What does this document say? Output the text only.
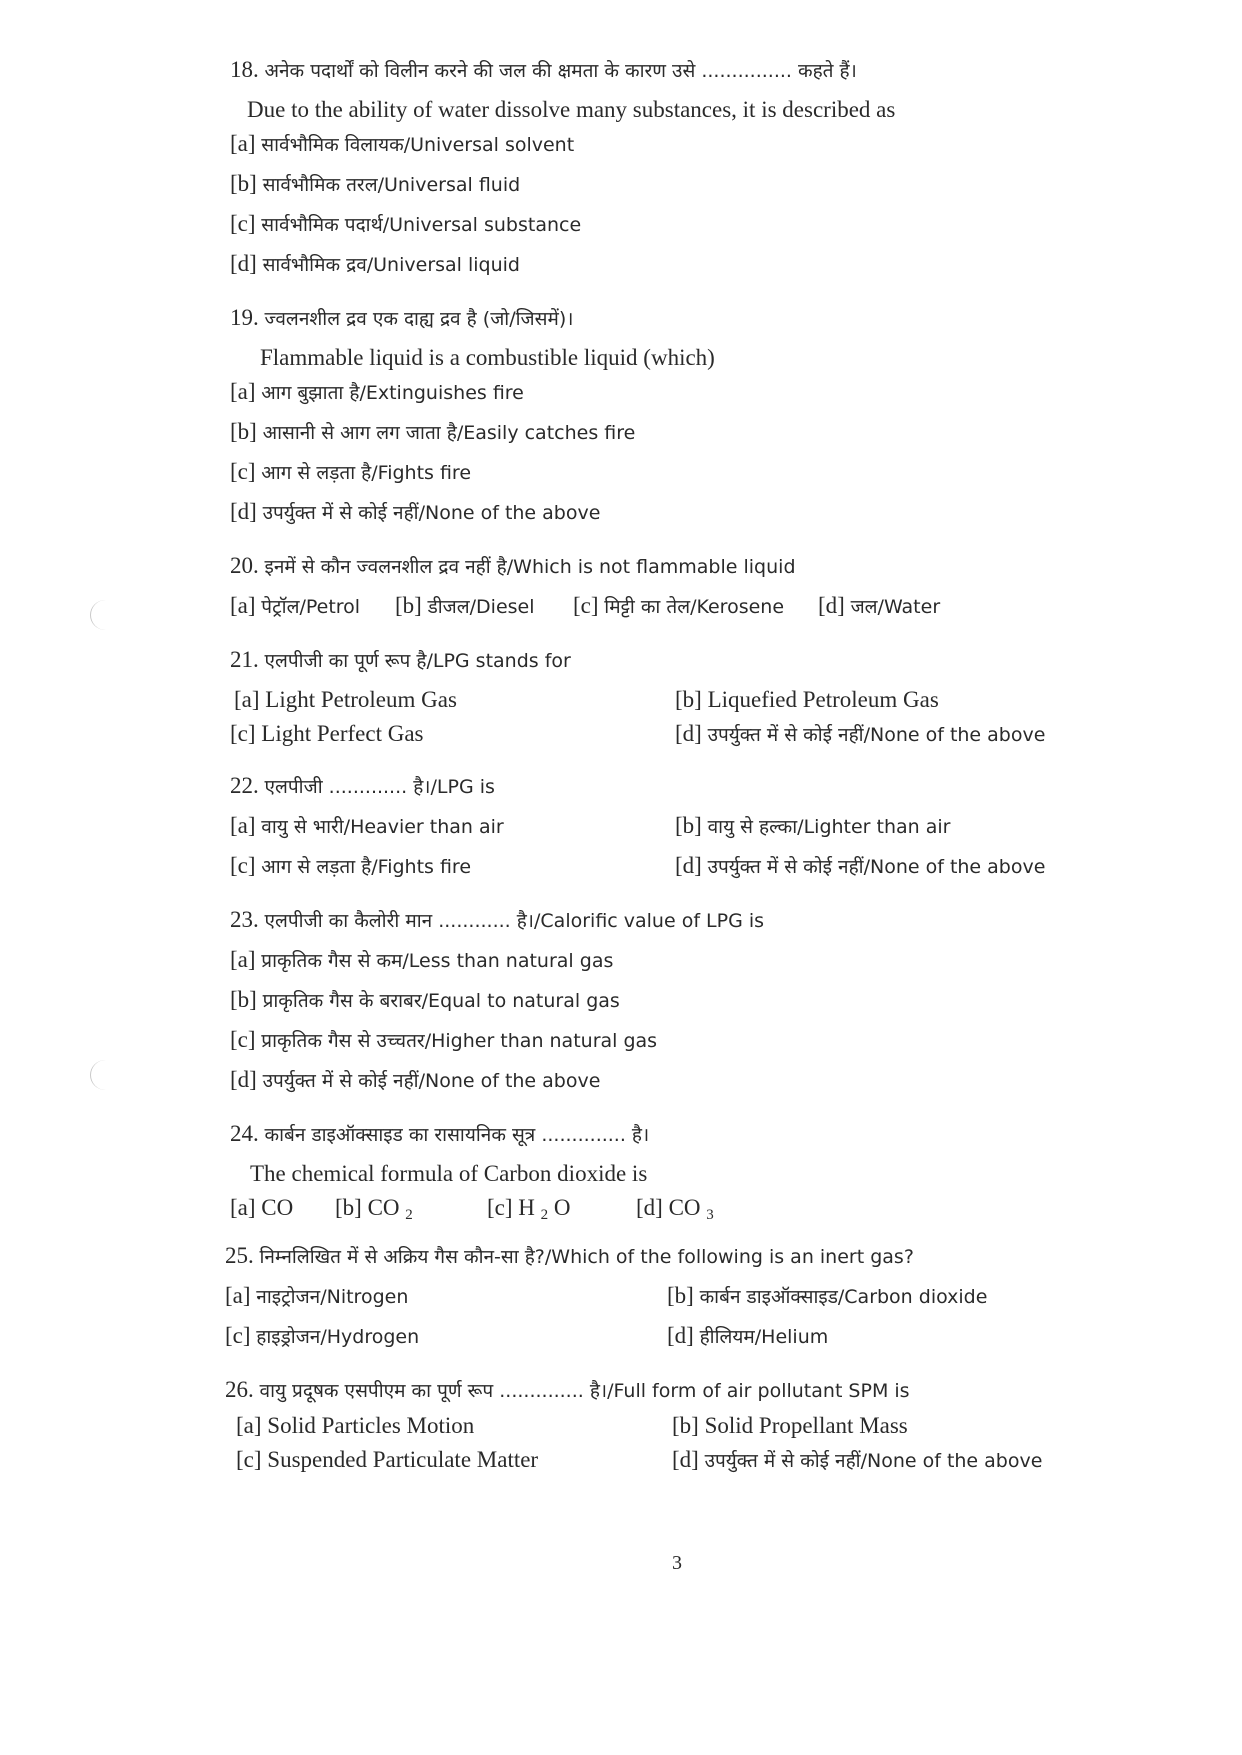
18. अनेक पदार्थों को विलीन करने की जल की क्षमता के कारण उसे ............... कहते हैं।
Due to the ability of water dissolve many substances, it is described as
[a] सार्वभौमिक विलायक/Universal solvent
[b] सार्वभौमिक तरल/Universal fluid
[c] सार्वभौमिक पदार्थ/Universal substance
[d] सार्वभौमिक द्रव/Universal liquid
19. ज्वलनशील द्रव एक दाह्य द्रव है (जो/जिसमें)।
Flammable liquid is a combustible liquid (which)
[a] आग बुझाता है/Extinguishes fire
[b] आसानी से आग लग जाता है/Easily catches fire
[c] आग से लड़ता है/Fights fire
[d] उपर्युक्त में से कोई नहीं/None of the above
20. इनमें से कौन ज्वलनशील द्रव नहीं है/Which is not flammable liquid
[a] पेट्रॉल/Petrol [b] डीजल/Diesel [c] मिट्टी का तेल/Kerosene [d] जल/Water
21. एलपीजी का पूर्ण रूप है/LPG stands for
[a] Light Petroleum Gas	[b] Liquefied Petroleum Gas
[c] Light Perfect Gas	[d] उपर्युक्त में से कोई नहीं/None of the above
22. एलपीजी ............. है।/LPG is
[a] वायु से भारी/Heavier than air	[b] वायु से हल्का/Lighter than air
[c] आग से लड़ता है/Fights fire	[d] उपर्युक्त में से कोई नहीं/None of the above
23. एलपीजी का कैलोरी मान ............ है।/Calorific value of LPG is
[a] प्राकृतिक गैस से कम/Less than natural gas
[b] प्राकृतिक गैस के बराबर/Equal to natural gas
[c] प्राकृतिक गैस से उच्चतर/Higher than natural gas
[d] उपर्युक्त में से कोई नहीं/None of the above
24. कार्बन डाइऑक्साइड का रासायनिक सूत्र .............. है।
The chemical formula of Carbon dioxide is
[a] CO [b] CO $_2$	[c] H $_2$ O	[d] CO $_3$
25. निम्नलिखित में से अक्रिय गैस कौन-सा है?/Which of the following is an inert gas?
[a] नाइट्रोजन/Nitrogen	[b] कार्बन डाइऑक्साइड/Carbon dioxide
[c] हाइड्रोजन/Hydrogen	[d] हीलियम/Helium
26. वायु प्रदूषक एसपीएम का पूर्ण रूप .............. है।/Full form of air pollutant SPM is
[a] Solid Particles Motion	[b] Solid Propellant Mass
[c] Suspended Particulate Matter	[d] उपर्युक्त में से कोई नहीं/None of the above
3
